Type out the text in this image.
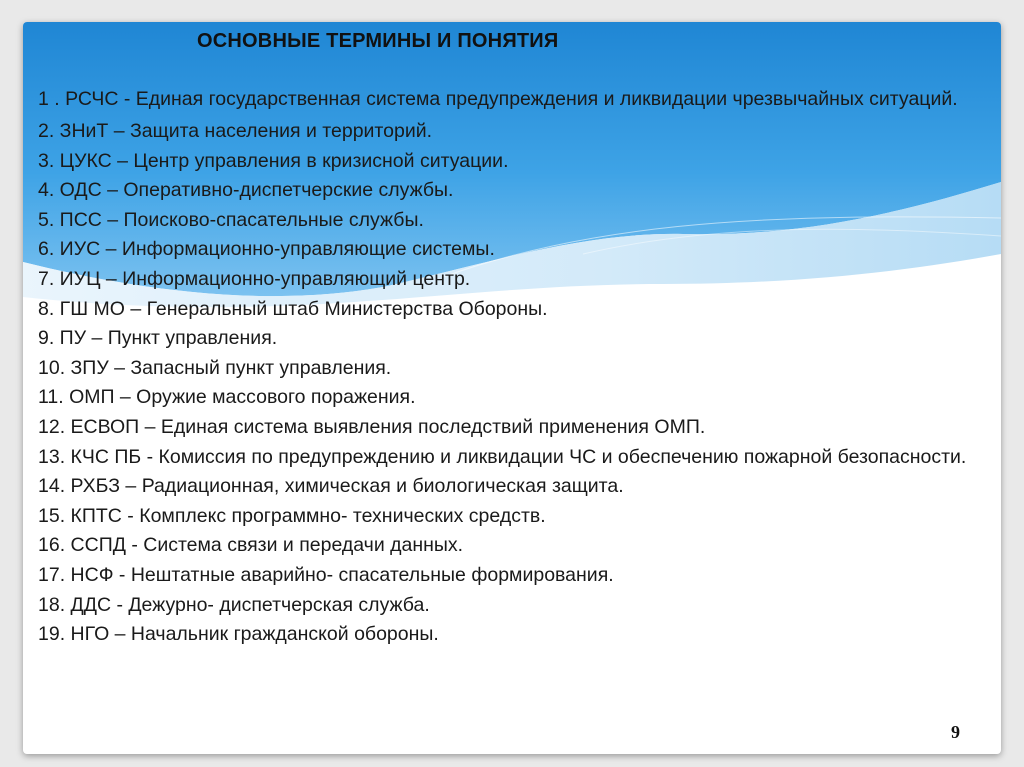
ОСНОВНЫЕ ТЕРМИНЫ И ПОНЯТИЯ
1 . РСЧС - Единая государственная система предупреждения и ликвидации чрезвычайных ситуаций.
2. ЗНиТ – Защита населения и территорий.
3. ЦУКС – Центр управления в кризисной ситуации.
4. ОДС – Оперативно-диспетчерские службы.
5. ПСС – Поисково-спасательные службы.
6. ИУС – Информационно-управляющие системы.
7. ИУЦ – Информационно-управляющий центр.
8. ГШ МО – Генеральный штаб Министерства Обороны.
9. ПУ – Пункт управления.
10. ЗПУ – Запасный пункт управления.
11. ОМП – Оружие массового поражения.
12. ЕСВОП – Единая система выявления последствий применения ОМП.
13. КЧС ПБ - Комиссия по предупреждению и ликвидации ЧС и обеспечению пожарной безопасности.
14. РХБЗ – Радиационная, химическая и биологическая защита.
15. КПТС - Комплекс программно- технических средств.
16. ССПД - Система связи и передачи данных.
17. НСФ - Нештатные аварийно- спасательные формирования.
18. ДДС - Дежурно- диспетчерская служба.
19. НГО – Начальник гражданской обороны.
9
